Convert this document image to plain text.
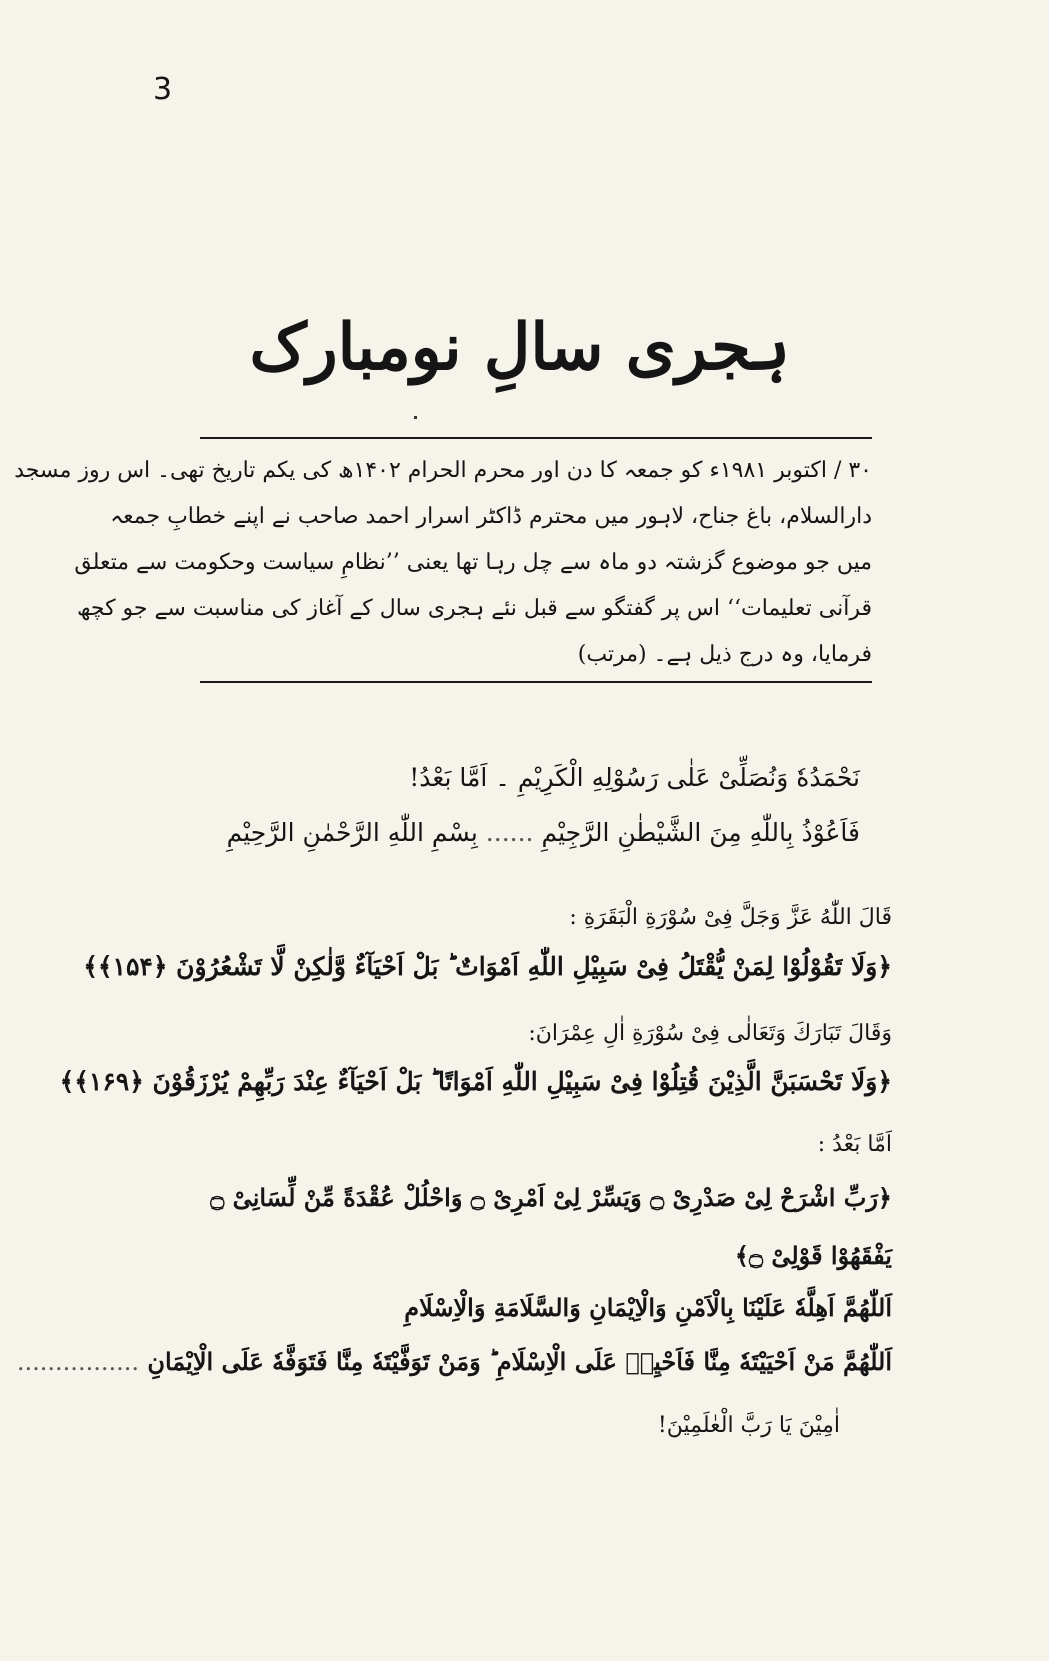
3
ہجری سالِ نومبارک
۳۰ / اکتوبر ۱۹۸۱ء کو جمعہ کا دن اور محرم الحرام ۱۴۰۲ھ کی یکم تاریخ تھی۔ اس روز مسجد
دارالسلام، باغ جناح، لاہور میں محترم ڈاکٹر اسرار احمد صاحب نے اپنے خطابِ جمعہ
میں جو موضوع گزشتہ دو ماہ سے چل رہا تھا یعنی ’’نظامِ سیاست وحکومت سے متعلق
قرآنی تعلیمات‘‘ اس پر گفتگو سے قبل نئے ہجری سال کے آغاز کی مناسبت سے جو کچھ
فرمایا، وہ درج ذیل ہے۔ (مرتب)
نَحْمَدُهٗ وَنُصَلِّیْ عَلٰی رَسُوْلِهِ الْكَرِیْمِ ۔ اَمَّا بَعْدُ!
فَاَعُوْذُ بِاللّٰهِ مِنَ الشَّیْطٰنِ الرَّجِیْمِ ...... بِسْمِ اللّٰهِ الرَّحْمٰنِ الرَّحِیْمِ
قَالَ اللّٰهُ عَزَّ وَجَلَّ فِیْ سُوْرَةِ الْبَقَرَةِ :
﴿وَلَا تَقُوْلُوْا لِمَنْ یُّقْتَلُ فِیْ سَبِیْلِ اللّٰهِ اَمْوَاتٌ ؕ بَلْ اَحْیَآءٌ وَّلٰكِنْ لَّا تَشْعُرُوْنَ ﴿۱۵۴﴾﴾
وَقَالَ تَبَارَكَ وَتَعَالٰی فِیْ سُوْرَةِ اٰلِ عِمْرَانَ:
﴿وَلَا تَحْسَبَنَّ الَّذِیْنَ قُتِلُوْا فِیْ سَبِیْلِ اللّٰهِ اَمْوَاتًا ؕ بَلْ اَحْیَآءٌ عِنْدَ رَبِّهِمْ یُرْزَقُوْنَ ﴿۱۶۹﴾﴾
اَمَّا بَعْدُ :
﴿رَبِّ اشْرَحْ لِیْ صَدْرِیْ ۝ وَیَسِّرْ لِیْ اَمْرِیْ ۝ وَاحْلُلْ عُقْدَةً مِّنْ لِّسَانِیْ ۝
یَفْقَهُوْا قَوْلِیْ ۝﴾
اَللّٰهُمَّ اَهِلَّهٗ عَلَیْنَا بِالْاَمْنِ وَالْاِیْمَانِ وَالسَّلَامَةِ وَالْاِسْلَامِ
اَللّٰهُمَّ مَنْ اَحْیَیْتَهٗ مِنَّا فَاَحْیِهٖ عَلَی الْاِسْلَامِ ؕ وَمَنْ تَوَفَّیْتَهٗ مِنَّا فَتَوَفَّهٗ عَلَی الْاِیْمَانِ ................
اٰمِیْنَ یَا رَبَّ الْعٰلَمِیْنَ!
